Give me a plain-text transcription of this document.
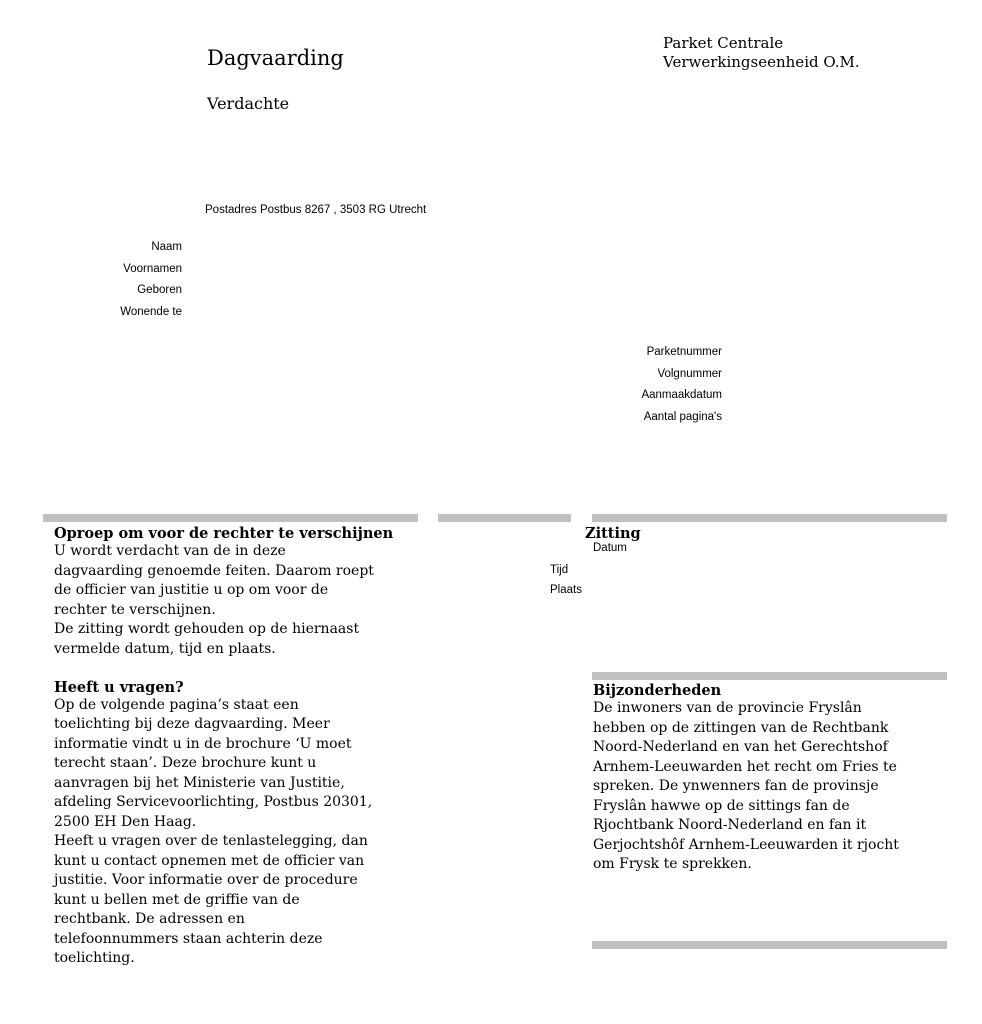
Dagvaarding
Verdachte
Parket Centrale
Verwerkingseenheid O.M.
Postadres Postbus 8267 , 3503 RG Utrecht
Naam
Voornamen
Geboren
Wonende te
Parketnummer
Volgnummer
Aanmaakdatum
Aantal pagina's
Oproep om voor de rechter te verschijnen

U wordt verdacht van de in deze

dagvaarding genoemde feiten. Daarom roept

de officier van justitie u op om voor de

rechter te verschijnen.

De zitting wordt gehouden op de hiernaast

vermelde datum, tijd en plaats.

Heeft u vragen?

Op de volgende pagina’s staat een

toelichting bij deze dagvaarding. Meer

informatie vindt u in de brochure ‘U moet

terecht staan’. Deze brochure kunt u

aanvragen bij het Ministerie van Justitie,

afdeling Servicevoorlichting, Postbus 20301,

2500 EH Den Haag.

Heeft u vragen over de tenlastelegging, dan

kunt u contact opnemen met de officier van

justitie. Voor informatie over de procedure

kunt u bellen met de griffie van de

rechtbank. De adressen en

telefoonnummers staan achterin deze

toelichting.

Zitting
Datum
Tijd
Plaats
Bijzonderheden

De inwoners van de provincie Fryslân

hebben op de zittingen van de Rechtbank

Noord-Nederland en van het Gerechtshof

Arnhem-Leeuwarden het recht om Fries te

spreken. De ynwenners fan de provinsje

Fryslân hawwe op de sittings fan de

Rjochtbank Noord-Nederland en fan it

Gerjochtshôf Arnhem-Leeuwarden it rjocht

om Frysk te sprekken.
